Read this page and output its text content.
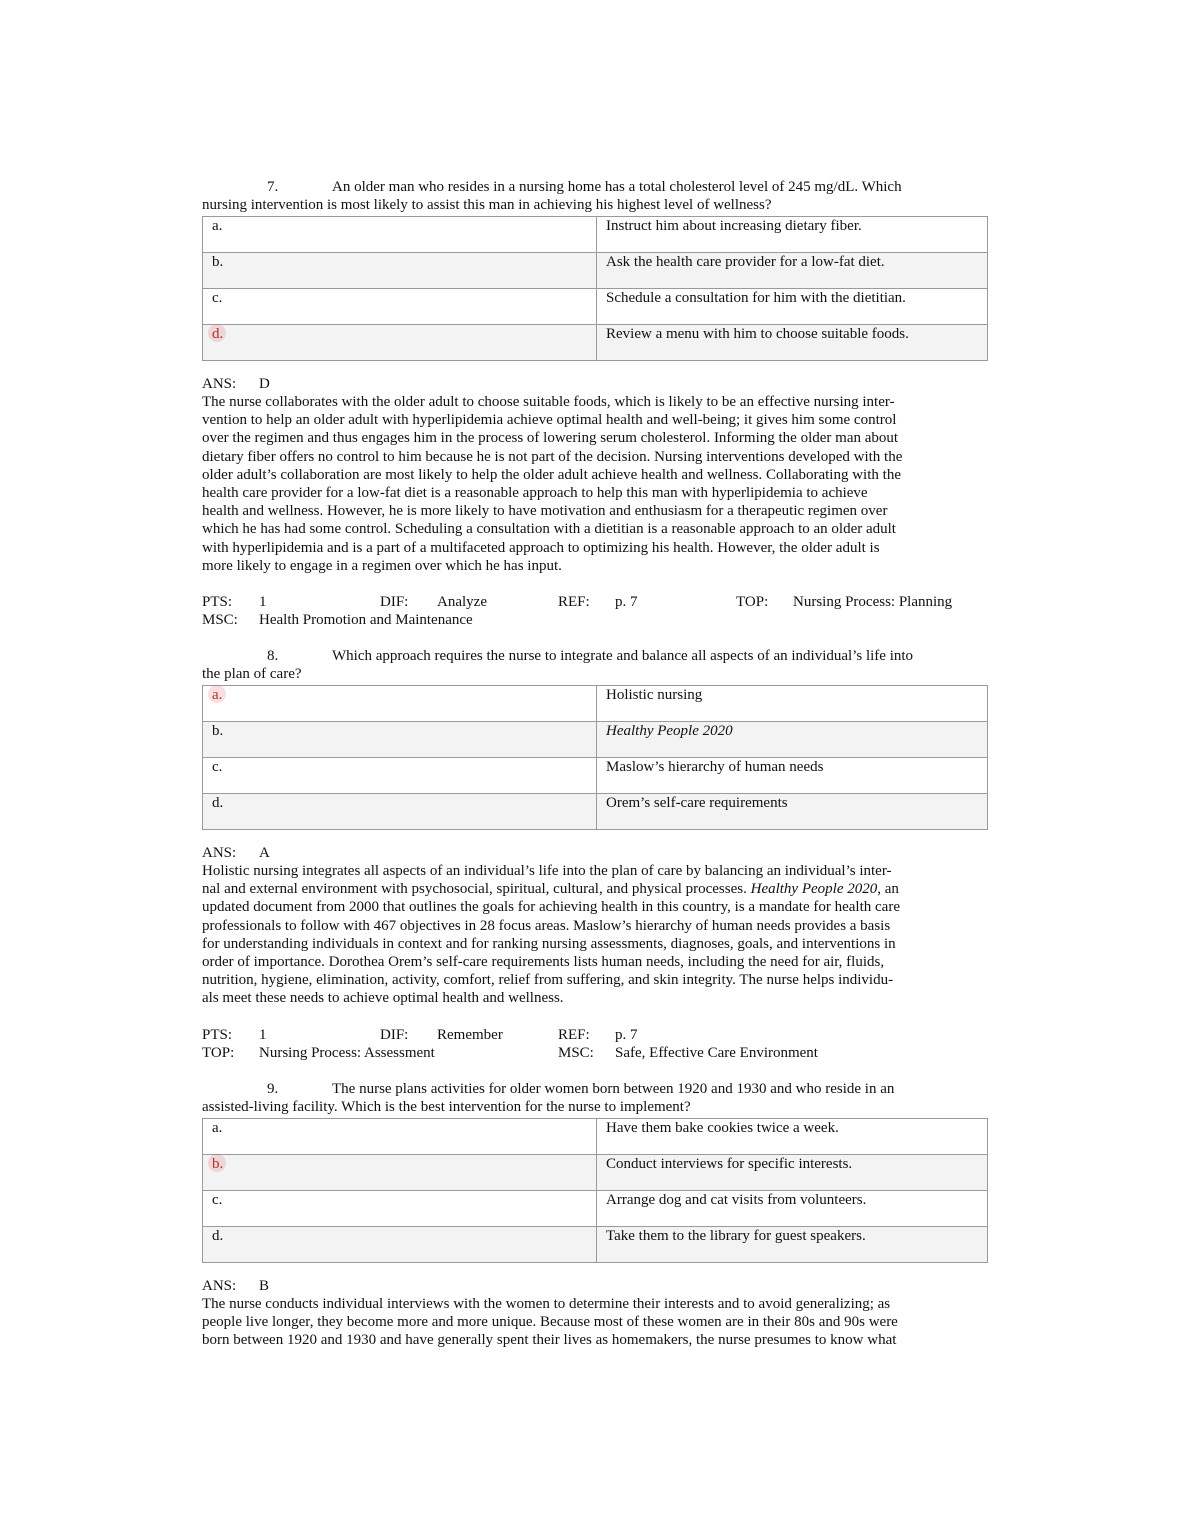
7.	An older man who resides in a nursing home has a total cholesterol level of 245 mg/dL. Which
nursing intervention is most likely to assist this man in achieving his highest level of wellness?

a.	Instruct him about increasing dietary fiber.
b.	Ask the health care provider for a low-fat diet.
c.	Schedule a consultation for him with the dietitian.
d.	Review a menu with him to choose suitable foods.
ANS: D
The nurse collaborates with the older adult to choose suitable foods, which is likely to be an effective nursing inter-
vention to help an older adult with hyperlipidemia achieve optimal health and well-being; it gives him some control
over the regimen and thus engages him in the process of lowering serum cholesterol. Informing the older man about
dietary fiber offers no control to him because he is not part of the decision. Nursing interventions developed with the
older adult’s collaboration are most likely to help the older adult achieve health and wellness. Collaborating with the
health care provider for a low-fat diet is a reasonable approach to help this man with hyperlipidemia to achieve
health and wellness. However, he is more likely to have motivation and enthusiasm for a therapeutic regimen over
which he has had some control. Scheduling a consultation with a dietitian is a reasonable approach to an older adult
with hyperlipidemia and is a part of a multifaceted approach to optimizing his health. However, the older adult is
more likely to engage in a regimen over which he has input.
PTS: 1	DIF: Analyze	REF: p. 7	TOP: Nursing Process: Planning
MSC: Health Promotion and Maintenance

8.	Which approach requires the nurse to integrate and balance all aspects of an individual’s life into
the plan of care?

a.	Holistic nursing
b.	Healthy People 2020
c.	Maslow’s hierarchy of human needs
d.	Orem’s self-care requirements
ANS: A
Holistic nursing integrates all aspects of an individual’s life into the plan of care by balancing an individual’s inter-
nal and external environment with psychosocial, spiritual, cultural, and physical processes. Healthy People 2020, an
updated document from 2000 that outlines the goals for achieving health in this country, is a mandate for health care
professionals to follow with 467 objectives in 28 focus areas. Maslow’s hierarchy of human needs provides a basis
for understanding individuals in context and for ranking nursing assessments, diagnoses, goals, and interventions in
order of importance. Dorothea Orem’s self-care requirements lists human needs, including the need for air, fluids,
nutrition, hygiene, elimination, activity, comfort, relief from suffering, and skin integrity. The nurse helps individu-
als meet these needs to achieve optimal health and wellness.
PTS: 1	DIF: Remember	REF: p. 7
TOP: Nursing Process: Assessment	MSC: Safe, Effective Care Environment

9.	The nurse plans activities for older women born between 1920 and 1930 and who reside in an
assisted-living facility. Which is the best intervention for the nurse to implement?

a.	Have them bake cookies twice a week.
b.	Conduct interviews for specific interests.
c.	Arrange dog and cat visits from volunteers.
d.	Take them to the library for guest speakers.
ANS: B
The nurse conducts individual interviews with the women to determine their interests and to avoid generalizing; as
people live longer, they become more and more unique. Because most of these women are in their 80s and 90s were
born between 1920 and 1930 and have generally spent their lives as homemakers, the nurse presumes to know what
